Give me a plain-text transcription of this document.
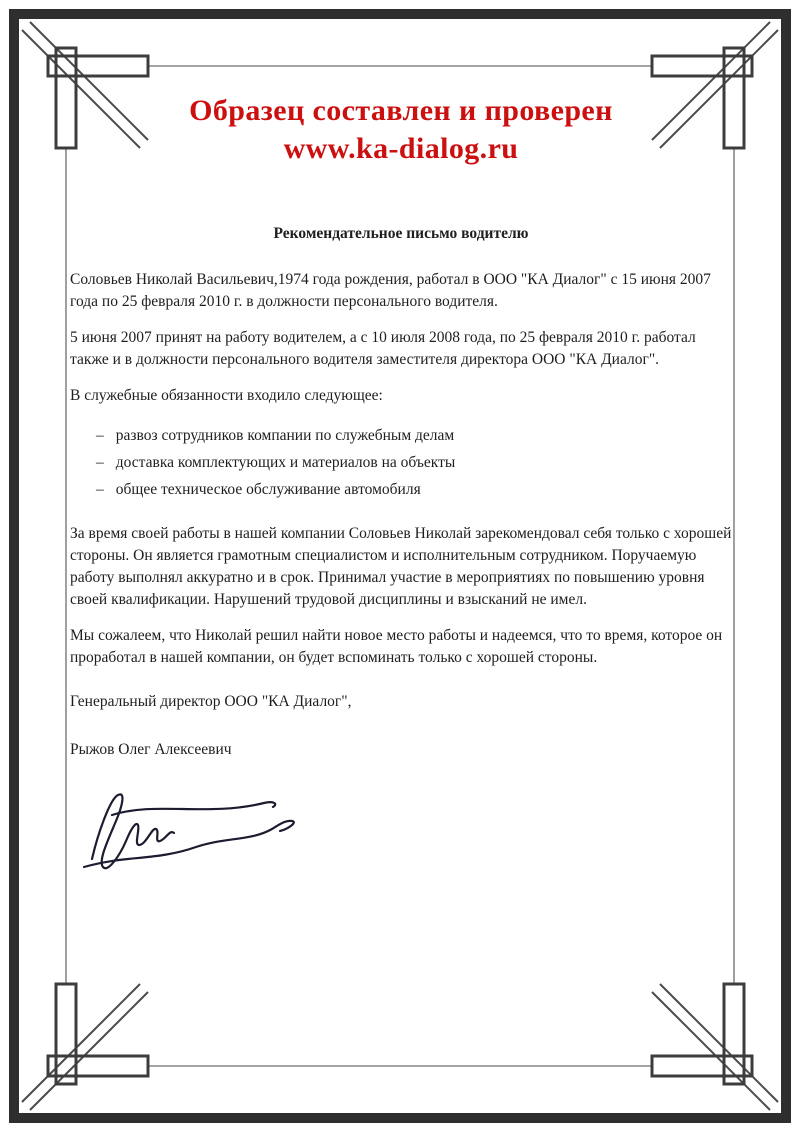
Образец составлен и проверен
www.ka-dialog.ru
Рекомендательное письмо водителю

Соловьев Николай Васильевич,1974 года рождения, работал в ООО "КА Диалог" с 15 июня 2007 года по 25 февраля 2010 г. в должности персонального водителя.

5 июня 2007 принят на работу водителем, а с 10 июля 2008 года, по 25 февраля 2010 г. работал также и в должности персонального водителя заместителя директора ООО "КА Диалог".

В служебные обязанности входило следующее:

– развоз сотрудников компании по служебным делам
– доставка комплектующих и материалов на объекты
– общее техническое обслуживание автомобиля

За время своей работы в нашей компании Соловьев Николай зарекомендовал себя только с хорошей стороны. Он является грамотным специалистом и исполнительным сотрудником. Поручаемую работу выполнял аккуратно и в срок. Принимал участие в мероприятиях по повышению уровня своей квалификации. Нарушений трудовой дисциплины и взысканий не имел.

Мы сожалеем, что Николай решил найти новое место работы и надеемся, что то время, которое он проработал в нашей компании, он будет вспоминать только с хорошей стороны.

Генеральный директор ООО "КА Диалог",

Рыжов Олег Алексеевич
